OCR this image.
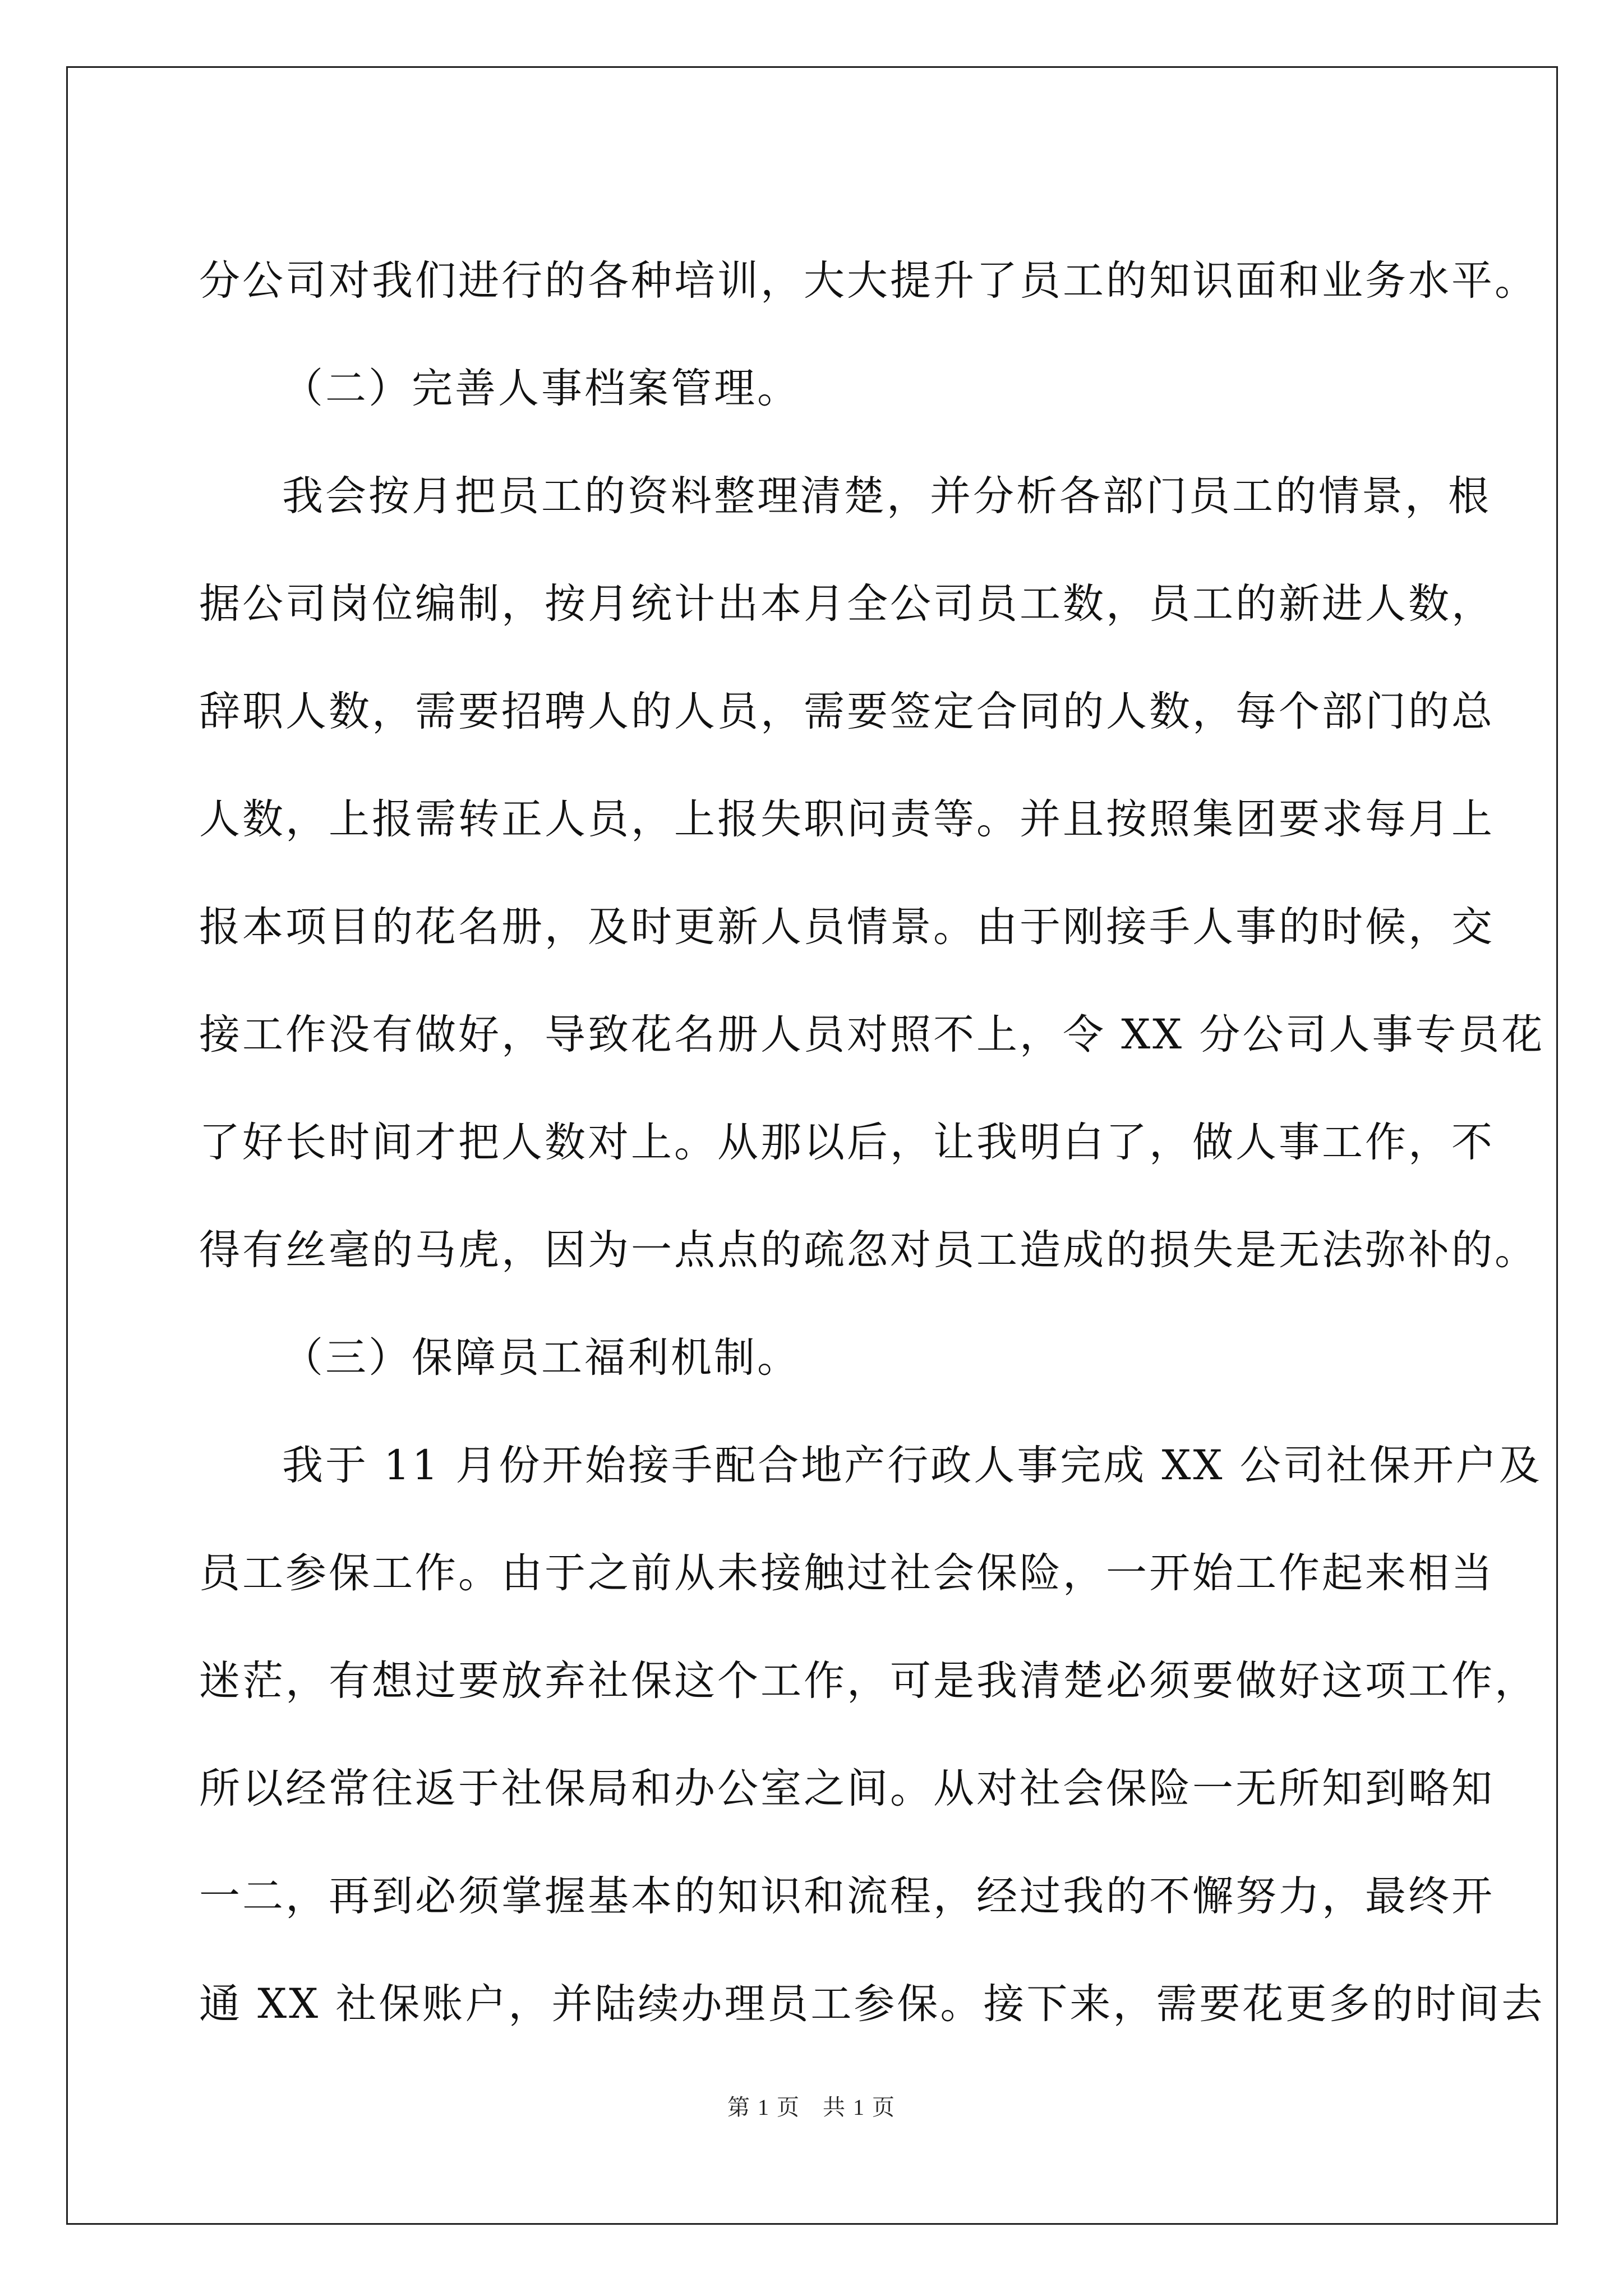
分公司对我们进行的各种培训，大大提升了员工的知识面和业务水平。
（二）完善人事档案管理。
我会按月把员工的资料整理清楚，并分析各部门员工的情景，根
据公司岗位编制，按月统计出本月全公司员工数，员工的新进人数，
辞职人数，需要招聘人的人员，需要签定合同的人数，每个部门的总
人数，上报需转正人员，上报失职问责等。并且按照集团要求每月上
报本项目的花名册，及时更新人员情景。由于刚接手人事的时候，交
接工作没有做好，导致花名册人员对照不上，令 XX 分公司人事专员花
了好长时间才把人数对上。从那以后，让我明白了，做人事工作，不
得有丝毫的马虎，因为一点点的疏忽对员工造成的损失是无法弥补的。
（三）保障员工福利机制。
我于 11 月份开始接手配合地产行政人事完成 XX 公司社保开户及
员工参保工作。由于之前从未接触过社会保险，一开始工作起来相当
迷茫，有想过要放弃社保这个工作，可是我清楚必须要做好这项工作，
所以经常往返于社保局和办公室之间。从对社会保险一无所知到略知
一二，再到必须掌握基本的知识和流程，经过我的不懈努力，最终开
通 XX 社保账户，并陆续办理员工参保。接下来，需要花更多的时间去
第 1 页 共 1 页
